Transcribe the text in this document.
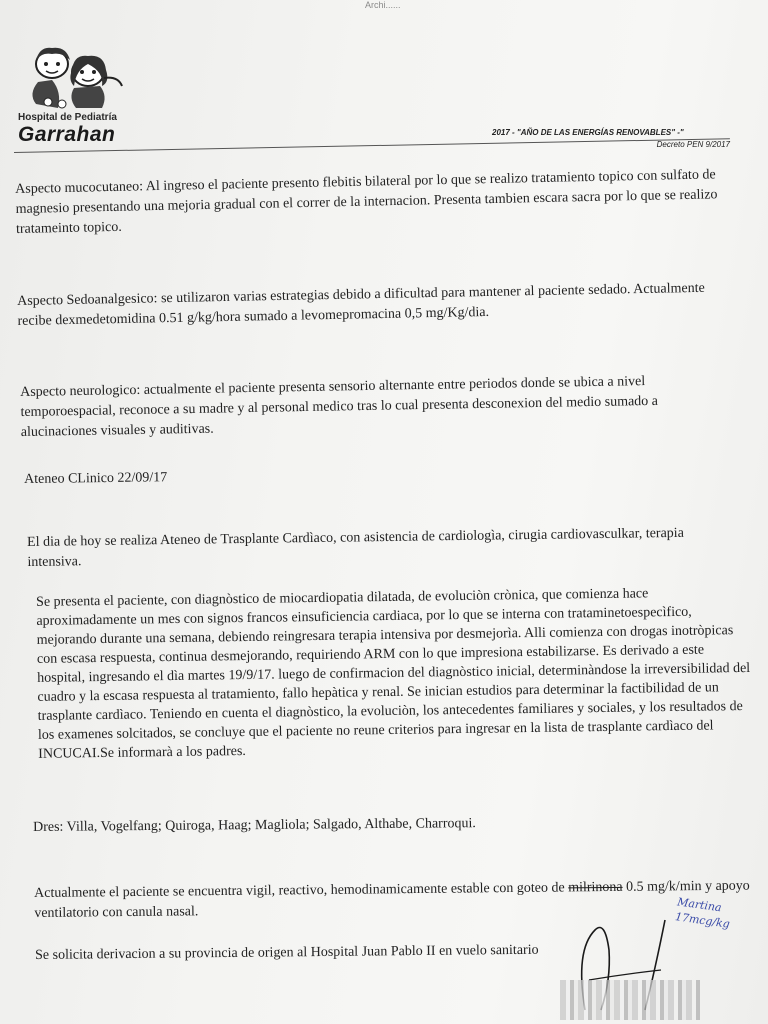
Archi......
Hospital de Pediatría
Garrahan	2017 - "AÑO DE LAS ENERGÍAS RENOVABLES" -"
Decreto PEN 9/2017
Aspecto mucocutaneo: Al ingreso el paciente presento flebitis bilateral por lo que se realizo tratamiento topico con sulfato de magnesio presentando una mejoria gradual con el correr de la internacion. Presenta tambien escara sacra por lo que se realizo tratameinto topico.
Aspecto Sedoanalgesico: se utilizaron varias estrategias debido a dificultad para mantener al paciente sedado. Actualmente recibe dexmedetomidina 0.51 g/kg/hora sumado a levomepromacina 0,5 mg/Kg/dia.
Aspecto neurologico: actualmente el paciente presenta sensorio alternante entre periodos donde se ubica a nivel temporoespacial, reconoce a su madre y al personal medico tras lo cual presenta desconexion del medio sumado a alucinaciones visuales y auditivas.
Ateneo CLinico 22/09/17
El dia de hoy se realiza Ateneo de Trasplante Cardìaco, con asistencia de cardiologìa, cirugia cardiovasculkar, terapia intensiva.
Se presenta el paciente, con diagnòstico de miocardiopatia dilatada, de evoluciòn crònica, que comienza hace aproximadamente un mes con signos francos einsuficiencia cardiaca, por lo que se interna con trataminetoespecìfico, mejorando durante una semana, debiendo reingresara terapia intensiva por desmejorìa. Alli comienza con drogas inotròpicas con escasa respuesta, continua desmejorando, requiriendo ARM con lo que impresiona estabilizarse. Es derivado a este hospital, ingresando el dìa martes 19/9/17. luego de confirmacion del diagnòstico inicial, determinàndose la irreversibilidad del cuadro y la escasa respuesta al tratamiento, fallo hepàtica y renal. Se inician estudios para determinar la factibilidad de un trasplante cardìaco. Teniendo en cuenta el diagnòstico, la evoluciòn, los antecedentes familiares y sociales, y los resultados de los examenes solcitados, se concluye que el paciente no reune criterios para ingresar en la lista de trasplante cardìaco del INCUCAI.Se informarà a los padres.
Dres: Villa, Vogelfang; Quiroga, Haag; Magliola; Salgado, Althabe, Charroqui.
Actualmente el paciente se encuentra vigil, reactivo, hemodinamicamente estable con goteo de milrinona 0.5 mg/k/min y apoyo ventilatorio con canula nasal.
Se solicita derivacion a su provincia de origen al Hospital Juan Pablo II en vuelo sanitario
Martina
17mcg/kg
